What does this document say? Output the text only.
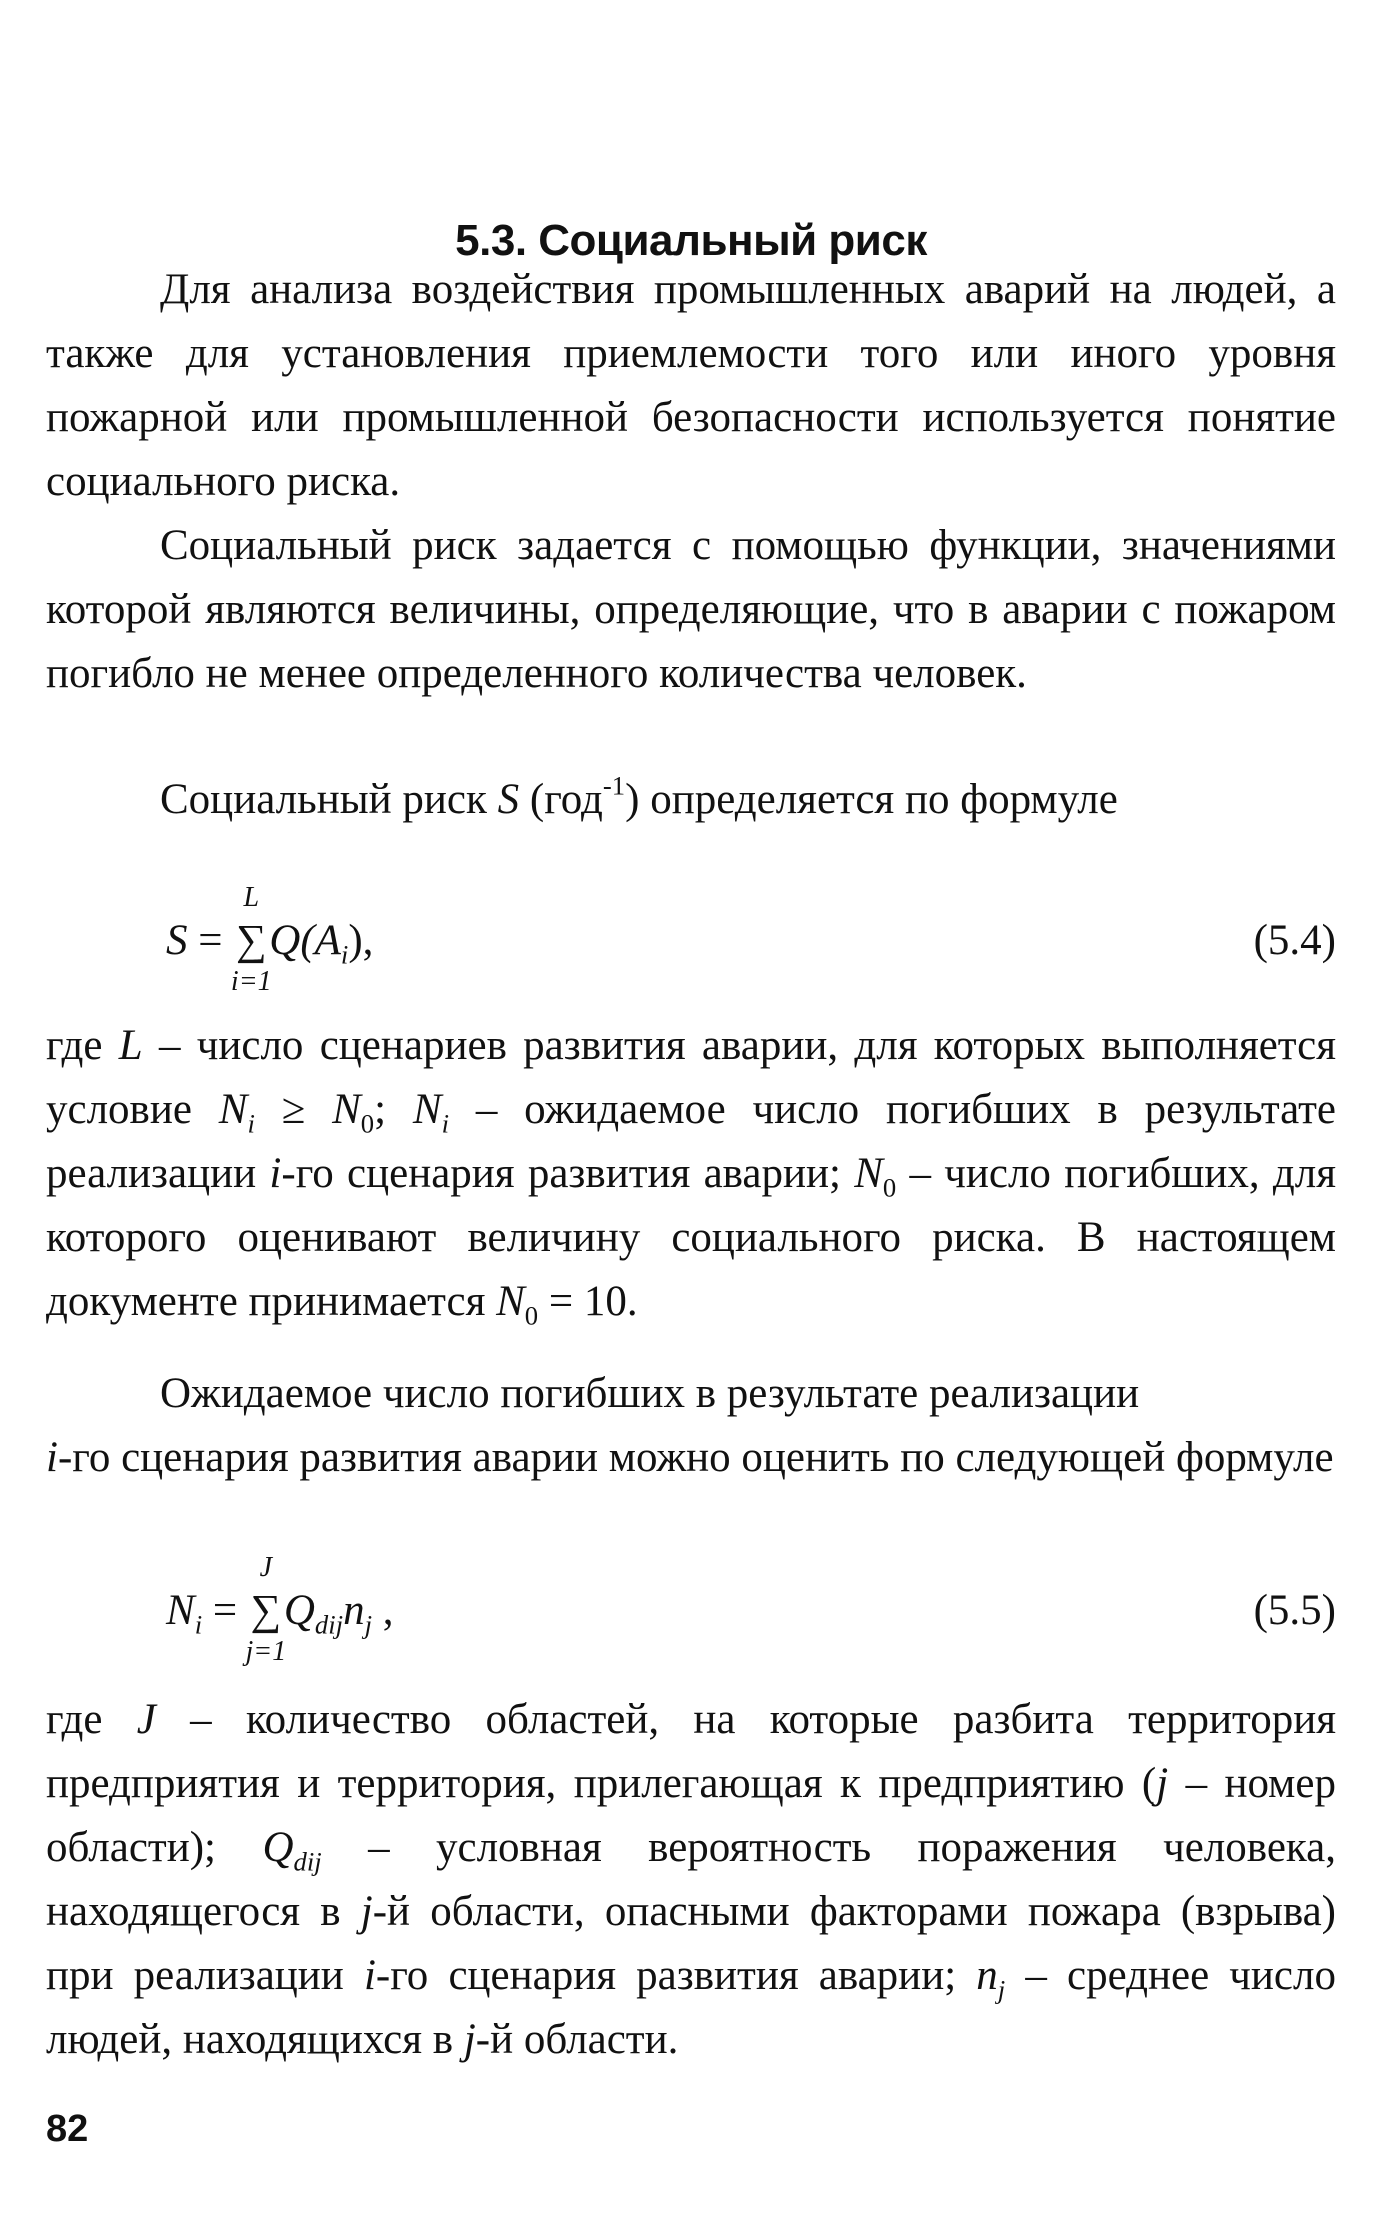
5.3. Социальный риск

Для анализа воздействия промышленных аварий на людей, а также для установления приемлемости того или иного уровня пожарной или промышленной безопасности используется понятие социального риска.

Социальный риск задается с помощью функции, значениями которой являются величины, определяющие, что в аварии с пожаром погибло не менее определенного количества человек.

Социальный риск S (год$^{-1}$) определяется по формуле

S = ∑
L
i=1
$Q(A_i)$,	(5.4)

где L – число сценариев развития аварии, для которых выполняется условие $N_i \ge N_0$; $N_i$ – ожидаемое число погибших в результате реализации i-го сценария развития аварии; $N_0$ – число погибших, для которого оценивают величину социального риска. В настоящем документе принимается $N_0 = 10$.

Ожидаемое число погибших в результате реализации
i-го сценария развития аварии можно оценить по следующей формуле

$N_i$ = ∑
J
j=1
$Q_{dij}n_j$ ,	(5.5)

где J – количество областей, на которые разбита территория предприятия и территория, прилегающая к предприятию (j – номер области); $Q_{dij}$ – условная вероятность поражения человека, находящегося в j-й области, опасными факторами пожара (взрыва) при реализации i-го сценария развития аварии; $n_j$ – среднее число людей, находящихся в j-й области.

82
